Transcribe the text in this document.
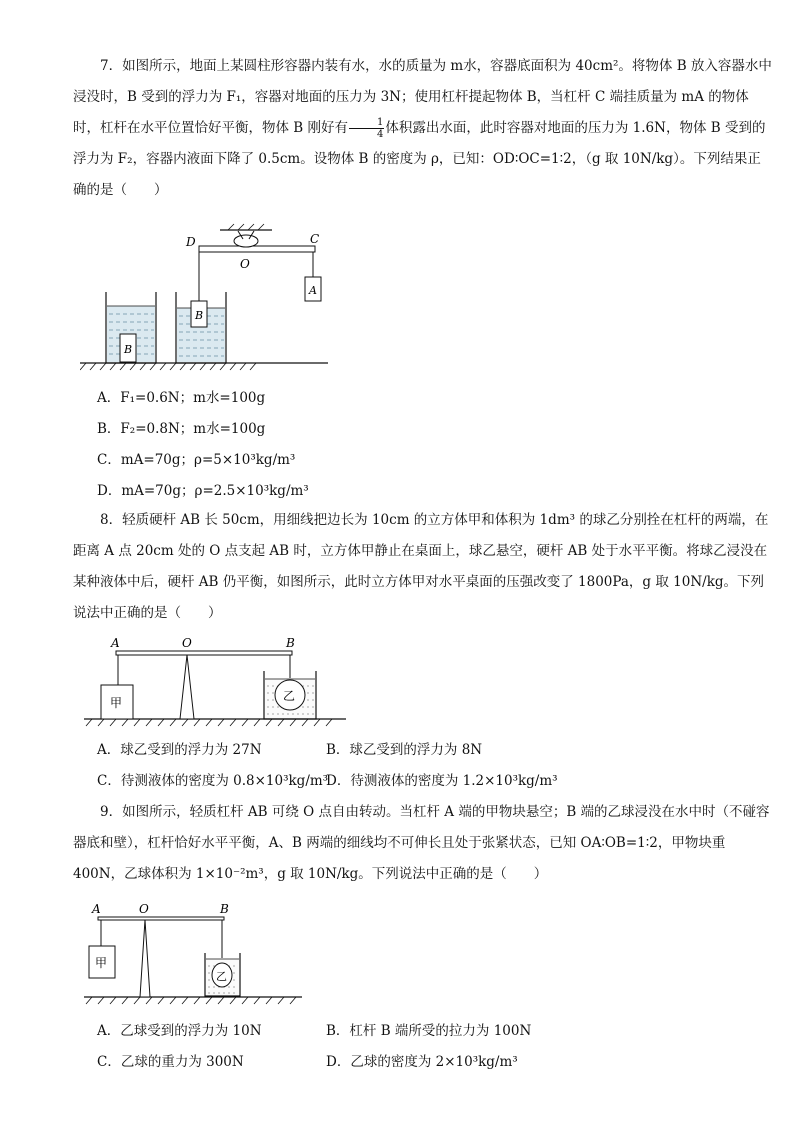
7．如图所示，地面上某圆柱形容器内装有水，水的质量为 m水，容器底面积为 40cm²。将物体 B 放入容器水中浸没时，B 受到的浮力为 F₁，容器对地面的压力为 3N；使用杠杆提起物体 B，当杠杆 C 端挂质量为 mA 的物体时，杠杆在水平位置恰好平衡，物体 B 刚好有 $\frac{1}{4}$ 体积露出水面，此时容器对地面的压力为 1.6N，物体 B 受到的浮力为 F₂，容器内液面下降了 0.5cm。设物体 B 的密度为 ρ，已知：OD∶OC=1∶2，（g 取 10N/kg）。下列结果正确的是（　　）

B
B
A
D	C
O
A．F₁=0.6N；m水=100g
B．F₂=0.8N；m水=100g
C．mA=70g；ρ=5×10³kg/m³
D．mA=70g；ρ=2.5×10³kg/m³

8．轻质硬杆 AB 长 50cm，用细线把边长为 10cm 的立方体甲和体积为 1dm³ 的球乙分别拴在杠杆的两端，在距离 A 点 20cm 处的 O 点支起 AB 时，立方体甲静止在桌面上，球乙悬空，硬杆 AB 处于水平平衡。将球乙浸没在某种液体中后，硬杆 AB 仍平衡，如图所示，此时立方体甲对水平桌面的压强改变了 1800Pa，g 取 10N/kg。下列说法中正确的是（　　）

A	O	B
甲	乙
A．球乙受到的浮力为 27N	B．球乙受到的浮力为 8N
C．待测液体的密度为 0.8×10³kg/m³
D．待测液体的密度为 1.2×10³kg/m³

9．如图所示，轻质杠杆 AB 可绕 O 点自由转动。当杠杆 A 端的甲物块悬空；B 端的乙球浸没在水中时（不碰容器底和壁），杠杆恰好水平平衡，A、B 两端的细线均不可伸长且处于张紧状态，已知 OA∶OB=1∶2，甲物块重 400N，乙球体积为 1×10⁻²m³，g 取 10N/kg。下列说法中正确的是（　　）

A	O	B
甲
乙
A．乙球受到的浮力为 10N	B．杠杆 B 端所受的拉力为 100N
C．乙球的重力为 300N	D．乙球的密度为 2×10³kg/m³
